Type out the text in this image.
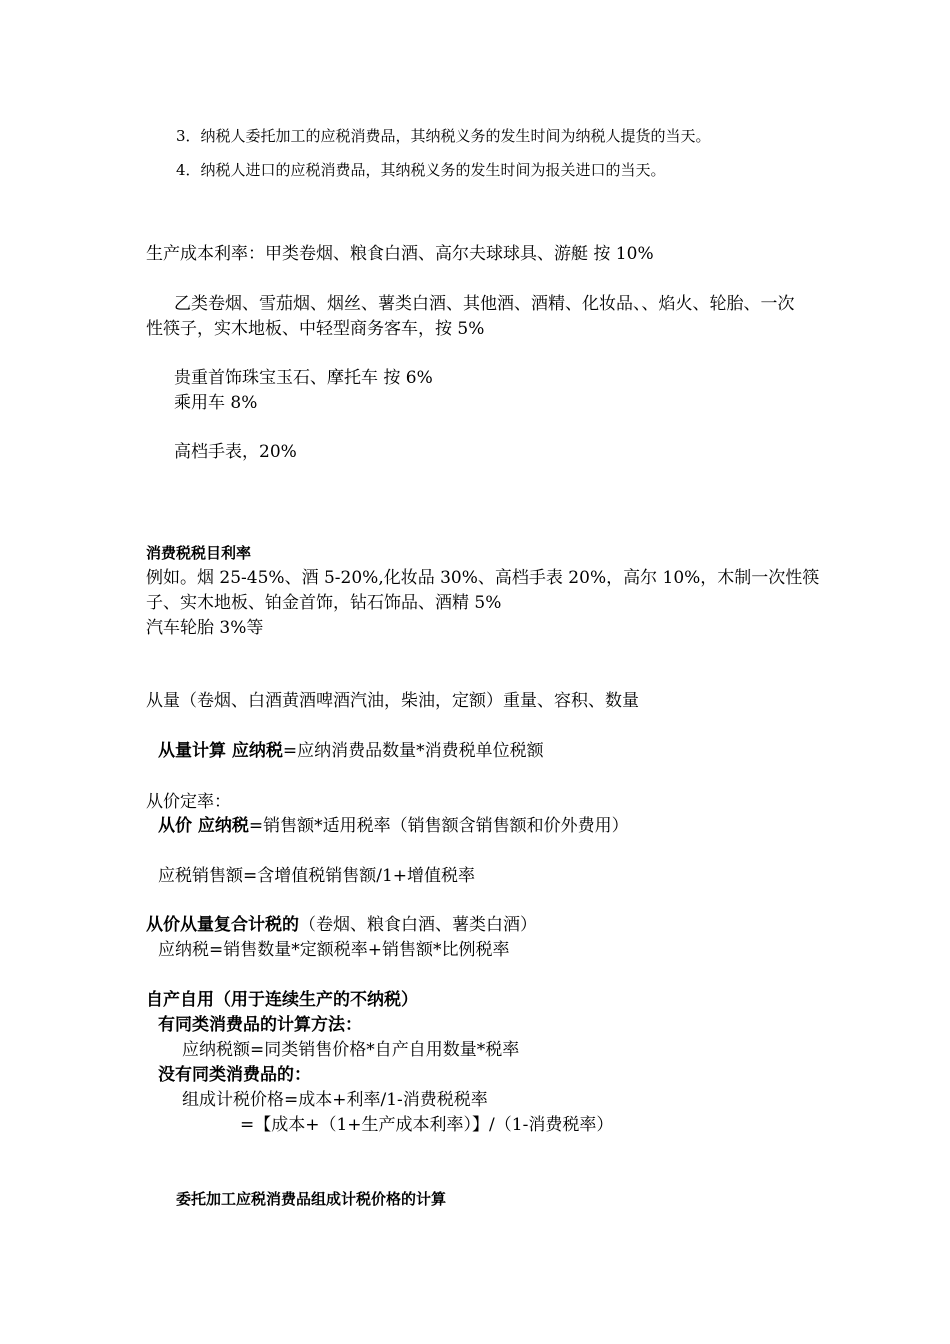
3．纳税人委托加工的应税消费品，其纳税义务的发生时间为纳税人提货的当天。
4．纳税人进口的应税消费品，其纳税义务的发生时间为报关进口的当天。
生产成本利率：甲类卷烟、粮食白酒、高尔夫球球具、游艇 按 10%
乙类卷烟、雪茄烟、烟丝、薯类白酒、其他酒、酒精、化妆品、、焰火、轮胎、一次
性筷子，实木地板、中轻型商务客车，按 5%
贵重首饰珠宝玉石、摩托车 按 6%
乘用车 8%
高档手表，20%
消费税税目利率
例如。烟 25-45%、酒 5-20%,化妆品 30%、高档手表 20%，高尔 10%，木制一次性筷
子、实木地板、铂金首饰，钻石饰品、酒精 5%
汽车轮胎 3%等
从量（卷烟、白酒黄酒啤酒汽油，柴油，定额）重量、容积、数量
从量计算 应纳税=应纳消费品数量*消费税单位税额
从价定率：
从价 应纳税=销售额*适用税率（销售额含销售额和价外费用）
应税销售额=含增值税销售额/1+增值税率
从价从量复合计税的（卷烟、粮食白酒、薯类白酒）
应纳税=销售数量*定额税率+销售额*比例税率
自产自用（用于连续生产的不纳税）
有同类消费品的计算方法：
应纳税额=同类销售价格*自产自用数量*税率
没有同类消费品的：
组成计税价格=成本+利率/1-消费税税率
=【成本+（1+生产成本利率）】/（1-消费税率）
委托加工应税消费品组成计税价格的计算
